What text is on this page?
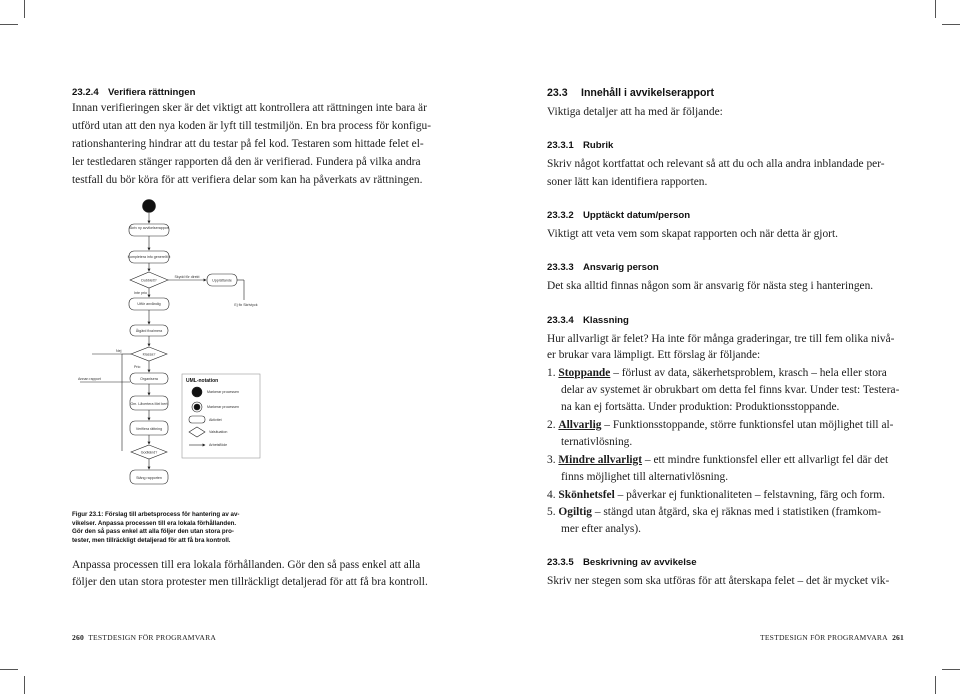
23.2.4 Verifiera rättningen
Innan verifieringen sker är det viktigt att kontrollera att rättningen inte bara är
utförd utan att den nya koden är lyft till testmiljön. En bra process för konfigu-
rationshantering hindrar att du testar på fel kod. Testaren som hittade felet el-
ler testledaren stänger rapporten då den är verifierad. Fundera på vilka andra
testfall du bör köra för att verifiera delar som kan ha påverkats av rättningen.
Skriv ny avvikelserapport
Kompletera info generellt it
Dubblett?
Skydd för direkt
Upprättande
Inte prio
Utför anvåndig	Ej fix Skrivtyck
Åtgärd fixa/mera
Klassa?
Prio
Organisera
Om. Låvertera Mel bert
Verifiera rättning
Godkänd?
Stäng rapporten
Annan rapport
Nej
UML-notation
Markerar processen
Markerar processen
Aktivitet
Valsituation
Arbetsflöde
Figur 23.1: Förslag till arbetsprocess för hantering av av-
vikelser. Anpassa processen till era lokala förhållanden.
Gör den så pass enkel att alla följer den utan stora pro-
tester, men tillräckligt detaljerad för att få bra kontroll.
Anpassa processen till era lokala förhållanden. Gör den så pass enkel att alla
följer den utan stora protester men tillräckligt detaljerad för att få bra kontroll.
260 TESTDESIGN FÖR PROGRAMVARA
23.3 Innehåll i avvikelserapport
Viktiga detaljer att ha med är följande:
23.3.1 Rubrik
Skriv något kortfattat och relevant så att du och alla andra inblandade per-
soner lätt kan identifiera rapporten.
23.3.2 Upptäckt datum/person
Viktigt att veta vem som skapat rapporten och när detta är gjort.
23.3.3 Ansvarig person
Det ska alltid finnas någon som är ansvarig för nästa steg i hanteringen.
23.3.4 Klassning
Hur allvarligt är felet? Ha inte för många graderingar, tre till fem olika nivå-
er brukar vara lämpligt. Ett förslag är följande:
1. Stoppande – förlust av data, säkerhetsproblem, krasch – hela eller stora
delar av systemet är obrukbart om detta fel finns kvar. Under test: Testera-
na kan ej fortsätta. Under produktion: Produktionsstoppande.
2. Allvarlig – Funktionsstoppande, större funktionsfel utan möjlighet till al-
ternativlösning.
3. Mindre allvarligt – ett mindre funktionsfel eller ett allvarligt fel där det
finns möjlighet till alternativlösning.
4. Skönhetsfel – påverkar ej funktionaliteten – felstavning, färg och form.
5. Ogiltig – stängd utan åtgärd, ska ej räknas med i statistiken (framkom-
mer efter analys).
23.3.5 Beskrivning av avvikelse
Skriv ner stegen som ska utföras för att återskapa felet – det är mycket vik-
TESTDESIGN FÖR PROGRAMVARA 261
